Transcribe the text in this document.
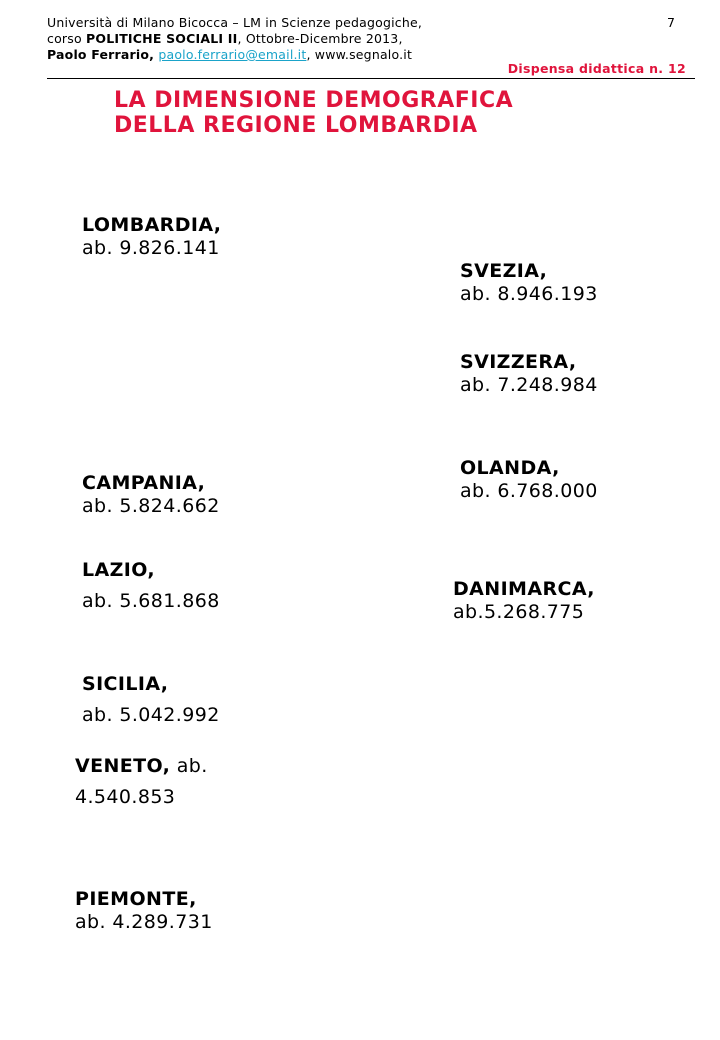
Università di Milano Bicocca – LM in Scienze pedagogiche,
corso POLITICHE SOCIALI II, Ottobre-Dicembre 2013,
Paolo Ferrario, paolo.ferrario@email.it, www.segnalo.it
7
Dispensa didattica n. 12
LA DIMENSIONE DEMOGRAFICA
DELLA REGIONE LOMBARDIA
LOMBARDIA,
ab. 9.826.141
SVEZIA,
ab. 8.946.193
SVIZZERA,
ab. 7.248.984
OLANDA,
ab. 6.768.000
CAMPANIA,
ab. 5.824.662
LAZIO,
ab. 5.681.868
DANIMARCA,
ab.5.268.775
SICILIA,
ab. 5.042.992
VENETO, ab.
4.540.853
PIEMONTE,
ab. 4.289.731
